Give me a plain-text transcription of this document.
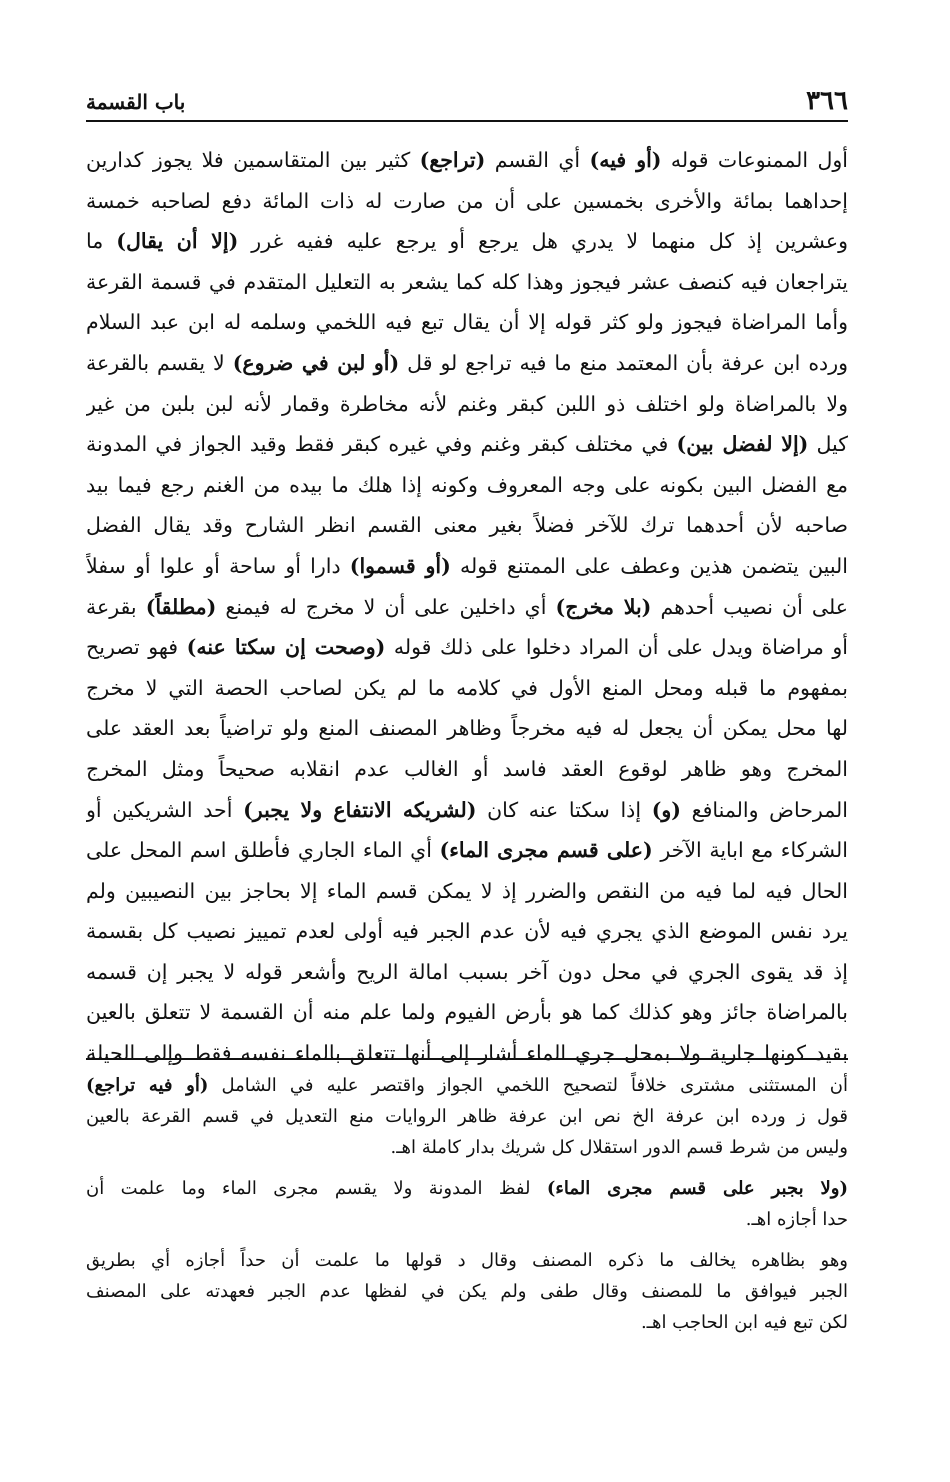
٣٦٦
باب القسمة
أول الممنوعات قوله (أو فيه) أي القسم (تراجع) كثير بين المتقاسمين فلا يجوز كدارين
إحداهما بمائة والأخرى بخمسين على أن من صارت له ذات المائة دفع لصاحبه خمسة
وعشرين إذ كل منهما لا يدري هل يرجع أو يرجع عليه ففيه غرر (إلا أن يقال) ما
يتراجعان فيه كنصف عشر فيجوز وهذا كله كما يشعر به التعليل المتقدم في قسمة القرعة
وأما المراضاة فيجوز ولو كثر قوله إلا أن يقال تبع فيه اللخمي وسلمه له ابن عبد السلام
ورده ابن عرفة بأن المعتمد منع ما فيه تراجع لو قل (أو لبن في ضروع) لا يقسم بالقرعة
ولا بالمراضاة ولو اختلف ذو اللبن كبقر وغنم لأنه مخاطرة وقمار لأنه لبن بلبن من غير
كيل (إلا لفضل بين) في مختلف كبقر وغنم وفي غيره كبقر فقط وقيد الجواز في المدونة
مع الفضل البين بكونه على وجه المعروف وكونه إذا هلك ما بيده من الغنم رجع فيما بيد
صاحبه لأن أحدهما ترك للآخر فضلاً بغير معنى القسم انظر الشارح وقد يقال الفضل
البين يتضمن هذين وعطف على الممتنع قوله (أو قسموا) دارا أو ساحة أو علوا أو سفلاً
على أن نصيب أحدهم (بلا مخرج) أي داخلين على أن لا مخرج له فيمنع (مطلقاً) بقرعة
أو مراضاة ويدل على أن المراد دخلوا على ذلك قوله (وصحت إن سكتا عنه) فهو تصريح
بمفهوم ما قبله ومحل المنع الأول في كلامه ما لم يكن لصاحب الحصة التي لا مخرج
لها محل يمكن أن يجعل له فيه مخرجاً وظاهر المصنف المنع ولو تراضياً بعد العقد على
المخرج وهو ظاهر لوقوع العقد فاسد أو الغالب عدم انقلابه صحيحاً ومثل المخرج
المرحاض والمنافع (و) إذا سكتا عنه كان (لشريكه الانتفاع ولا يجبر) أحد الشريكين أو
الشركاء مع اباية الآخر (على قسم مجرى الماء) أي الماء الجاري فأطلق اسم المحل على
الحال فيه لما فيه من النقص والضرر إذ لا يمكن قسم الماء إلا بحاجز بين النصيبين ولم
يرد نفس الموضع الذي يجري فيه لأن عدم الجبر فيه أولى لعدم تمييز نصيب كل بقسمة
إذ قد يقوى الجري في محل دون آخر بسبب امالة الريح وأشعر قوله لا يجبر إن قسمه
بالمراضاة جائز وهو كذلك كما هو بأرض الفيوم ولما علم منه أن القسمة لا تتعلق بالعين
بقيد كونها جارية ولا بمحل جري الماء أشار إلى أنها تتعلق بالماء نفسه فقط وإلى الحيلة
أن المستثنى مشترى خلافاً لتصحيح اللخمي الجواز واقتصر عليه في الشامل (أو فيه تراجع)
قول ز ورده ابن عرفة الخ نص ابن عرفة ظاهر الروايات منع التعديل في قسم القرعة بالعين
وليس من شرط قسم الدور استقلال كل شريك بدار كاملة اهـ.
(ولا بجبر على قسم مجرى الماء) لفظ المدونة ولا يقسم مجرى الماء وما علمت أن
حدا أجازه اهـ.
وهو بظاهره يخالف ما ذكره المصنف وقال د قولها ما علمت أن حداً أجازه أي بطريق
الجبر فيوافق ما للمصنف وقال طفى ولم يكن في لفظها عدم الجبر فعهدته على المصنف
لكن تبع فيه ابن الحاجب اهـ.
